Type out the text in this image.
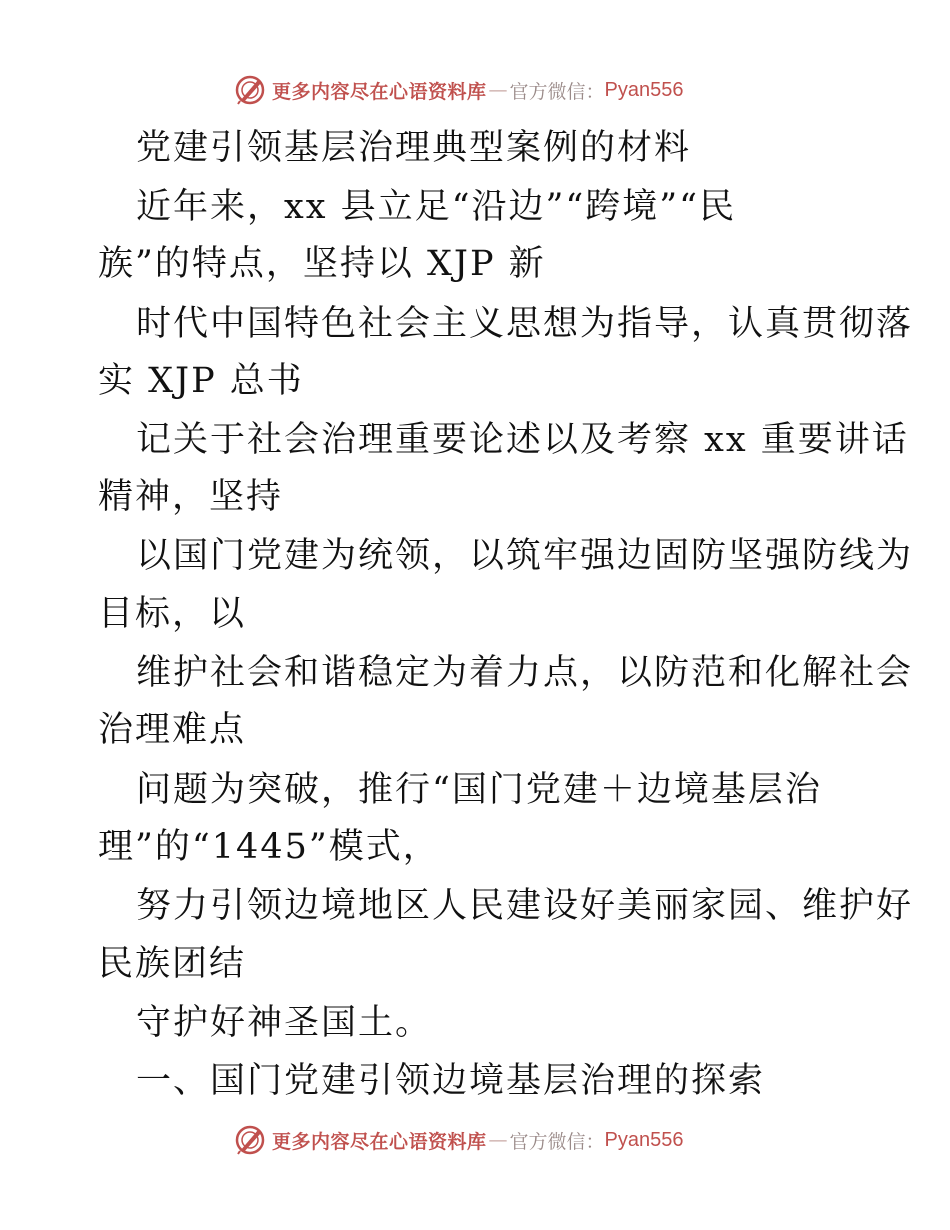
更多内容尽在心语资料库 — 官方微信： Pyan556
党建引领基层治理典型案例的材料
近年来，xx 县立足“沿边”“跨境”“民
族”的特点，坚持以 XJP 新
时代中国特色社会主义思想为指导，认真贯彻落
实 XJP 总书
记关于社会治理重要论述以及考察 xx 重要讲话
精神，坚持
以国门党建为统领，以筑牢强边固防坚强防线为
目标，以
维护社会和谐稳定为着力点，以防范和化解社会
治理难点
问题为突破，推行“国门党建＋边境基层治
理”的“1445”模式，
努力引领边境地区人民建设好美丽家园、维护好
民族团结
守护好神圣国土。
一、国门党建引领边境基层治理的探索
更多内容尽在心语资料库 — 官方微信： Pyan556
